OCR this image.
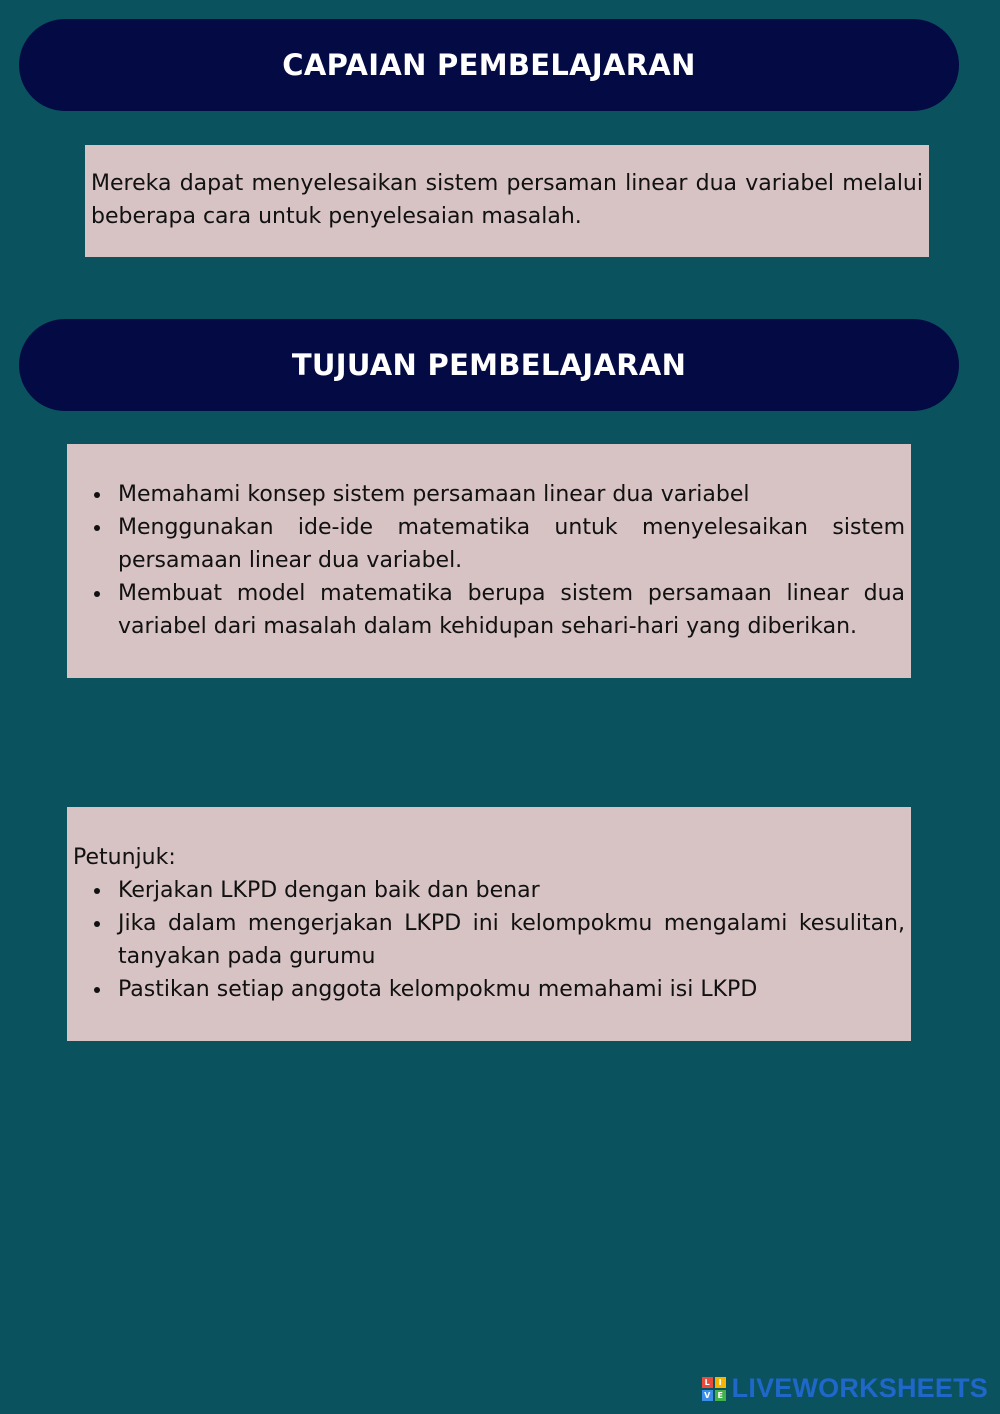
CAPAIAN PEMBELAJARAN

Mereka dapat menyelesaikan sistem persaman linear dua variabel melalui beberapa cara untuk penyelesaian masalah.

TUJUAN PEMBELAJARAN
• Memahami konsep sistem persamaan linear dua variabel
• Menggunakan ide-ide matematika untuk menyelesaikan sistem persamaan linear dua variabel.
• Membuat model matematika berupa sistem persamaan linear dua variabel dari masalah dalam kehidupan sehari-hari yang diberikan.
Petunjuk:
• Kerjakan LKPD dengan baik dan benar
• Jika dalam mengerjakan LKPD ini kelompokmu mengalami kesulitan, tanyakan pada gurumu
• Pastikan setiap anggota kelompokmu memahami isi LKPD
L	I
V E LIVEWORKSHEETS
